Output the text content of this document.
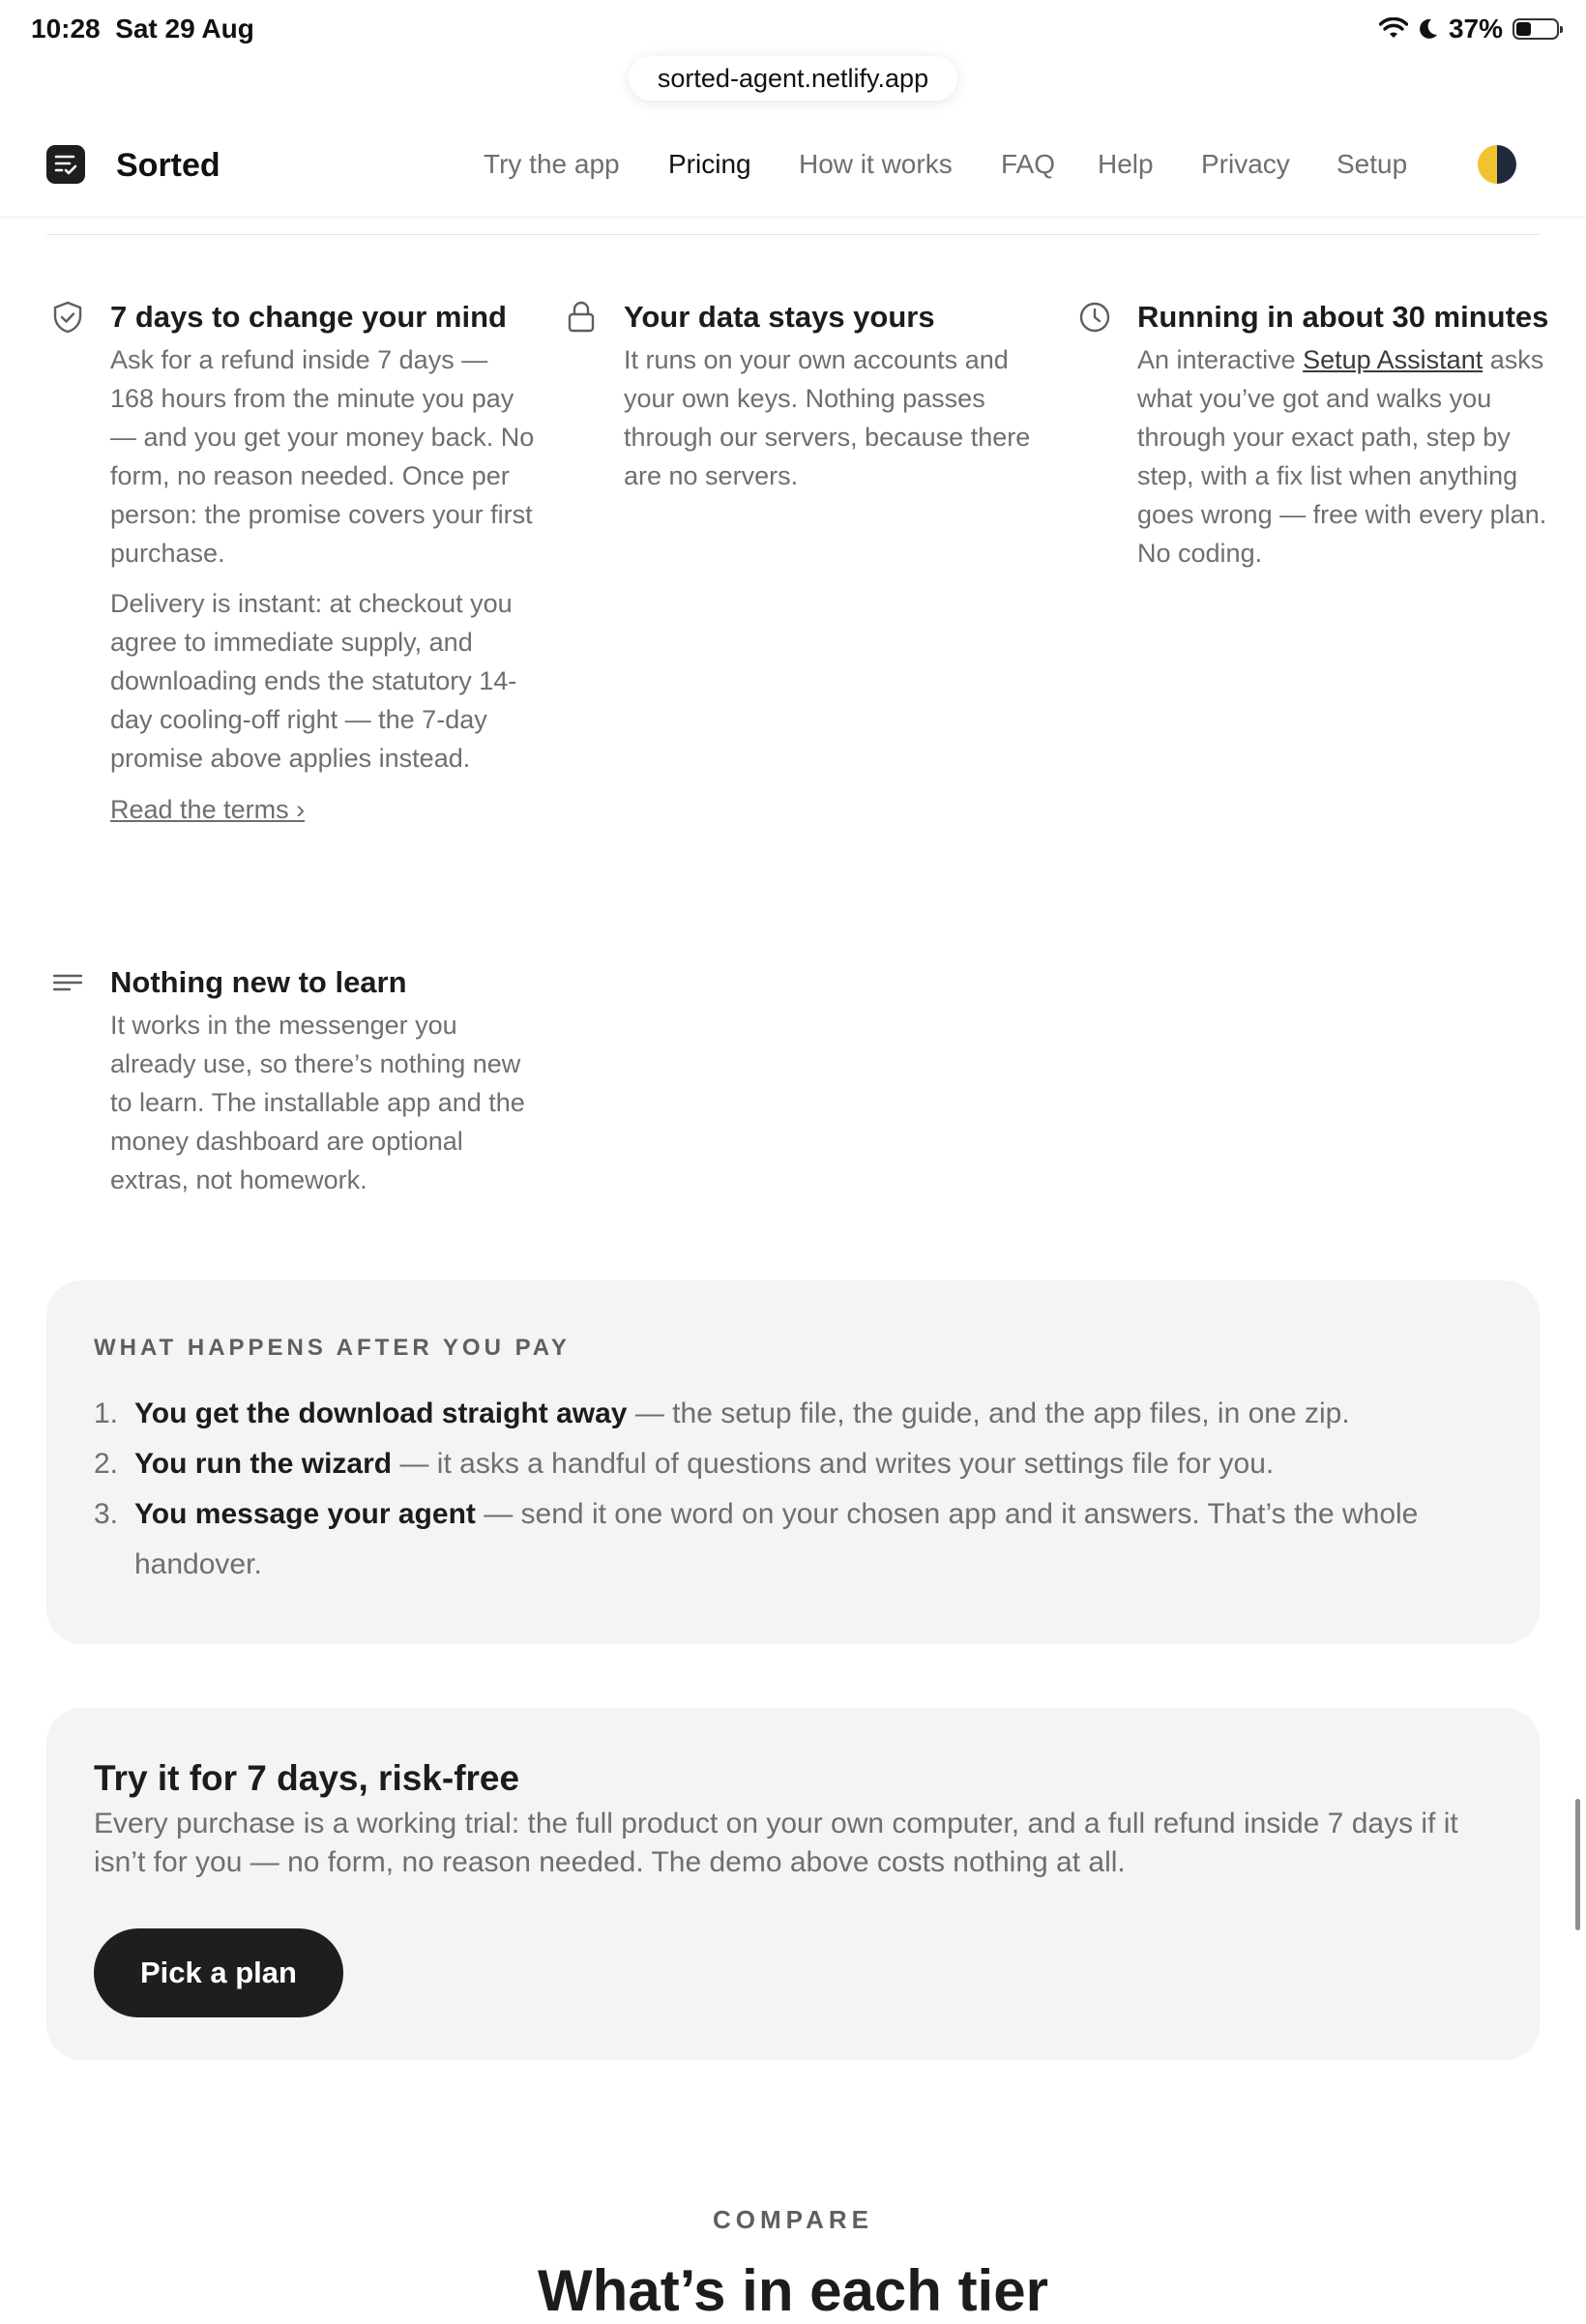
10:28 Sat 29 Aug	37%
sorted-agent.netlify.app
Sorted	Try the app Pricing How it works FAQ Help Privacy Setup
7 days to change your mind

Ask for a refund inside 7 days — 168 hours from the minute you pay — and you get your money back. No form, no reason needed. Once per person: the promise covers your first purchase.

Delivery is instant: at checkout you agree to immediate supply, and downloading ends the statutory 14-day cooling-off right — the 7-day promise above applies instead.

Read the terms ›
Your data stays yours

It runs on your own accounts and your own keys. Nothing passes through our servers, because there are no servers.

Running in about 30 minutes

An interactive Setup Assistant asks what you’ve got and walks you through your exact path, step by step, with a fix list when anything goes wrong — free with every plan. No coding.

Nothing new to learn

It works in the messenger you already use, so there’s nothing new to learn. The installable app and the money dashboard are optional extras, not homework.

WHAT HAPPENS AFTER YOU PAY
1. You get the download straight away — the setup file, the guide, and the app files, in one zip.
2. You run the wizard — it asks a handful of questions and writes your settings file for you.
3. You message your agent — send it one word on your chosen app and it answers. That’s the whole handover.
Try it for 7 days, risk-free

Every purchase is a working trial: the full product on your own computer, and a full refund inside 7 days if it isn’t for you — no form, no reason needed. The demo above costs nothing at all.

Pick a plan
COMPARE
What’s in each tier
